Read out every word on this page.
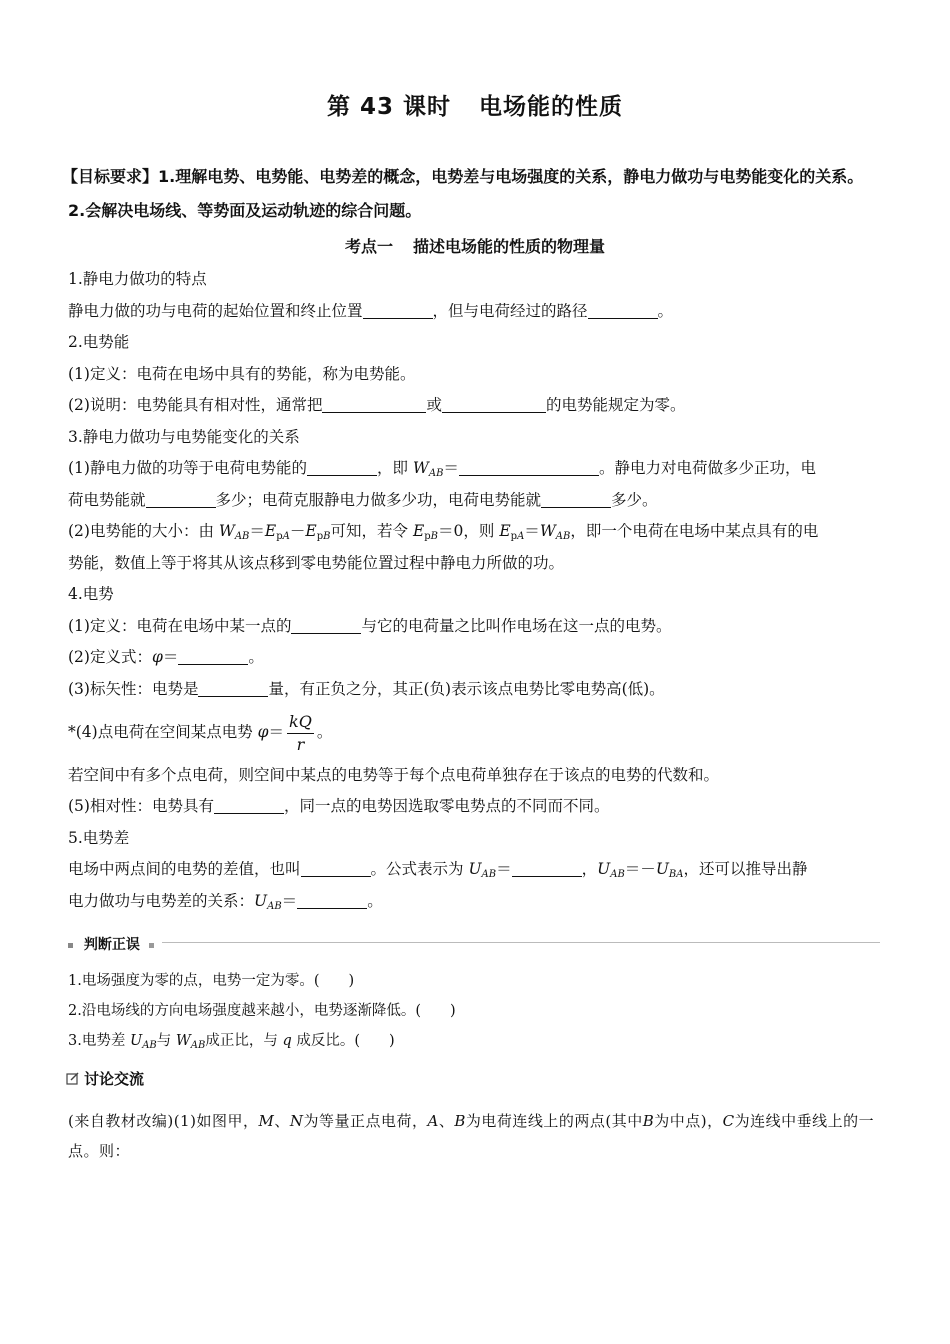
第 43 课时 电场能的性质
【目标要求】1.理解电势、电势能、电势差的概念，电势差与电场强度的关系，静电力做功与电势能变化的关系。2.会解决电场线、等势面及运动轨迹的综合问题。
考点一 描述电场能的性质的物理量
1.静电力做功的特点
静电力做的功与电荷的起始位置和终止位置	，但与电荷经过的路径	。
2.电势能
(1)定义：电荷在电场中具有的势能，称为电势能。
(2)说明：电势能具有相对性，通常把	或	的电势能规定为零。
3.静电力做功与电势能变化的关系
(1)静电力做的功等于电荷电势能的	，即 $W_{AB}=$	。静电力对电荷做多少正功，电
荷电势能就	多少；电荷克服静电力做多少功，电荷电势能就	多少。
(2)电势能的大小：由 $W_{AB}=E_{pA}-E_{pB}$可知，若令 $E_{pB}=0$，则 $E_{pA}=W_{AB}$，即一个电荷在电场中某点具有的电
势能，数值上等于将其从该点移到零电势能位置过程中静电力所做的功。
4.电势
(1)定义：电荷在电场中某一点的	与它的电荷量之比叫作电场在这一点的电势。
(2)定义式：φ＝	。
(3)标矢性：电势是	量，有正负之分，其正(负)表示该点电势比零电势高(低)。
*(4)点电荷在空间某点电势 $\varphi= \frac{kQ}{r}$ 。
若空间中有多个点电荷，则空间中某点的电势等于每个点电荷单独存在于该点的电势的代数和。
(5)相对性：电势具有	，同一点的电势因选取零电势点的不同而不同。
5.电势差
电场中两点间的电势的差值，也叫	。公式表示为 $U_{AB}=$	，$U_{AB}=-U_{BA}$，还可以推导出静
电力做功与电势差的关系：$U_{AB}=$	。
判断正误
1.电场强度为零的点，电势一定为零。(　　)
2.沿电场线的方向电场强度越来越小，电势逐渐降低。(　　)
3.电势差 $U_{AB}$与 $W_{AB}$成正比，与 q 成反比。(　　)
讨论交流
(来自教材改编)(1)如图甲，M、N为等量正点电荷，A、B为电荷连线上的两点(其中B为中点)，C为连线中垂线上的一点。则：
